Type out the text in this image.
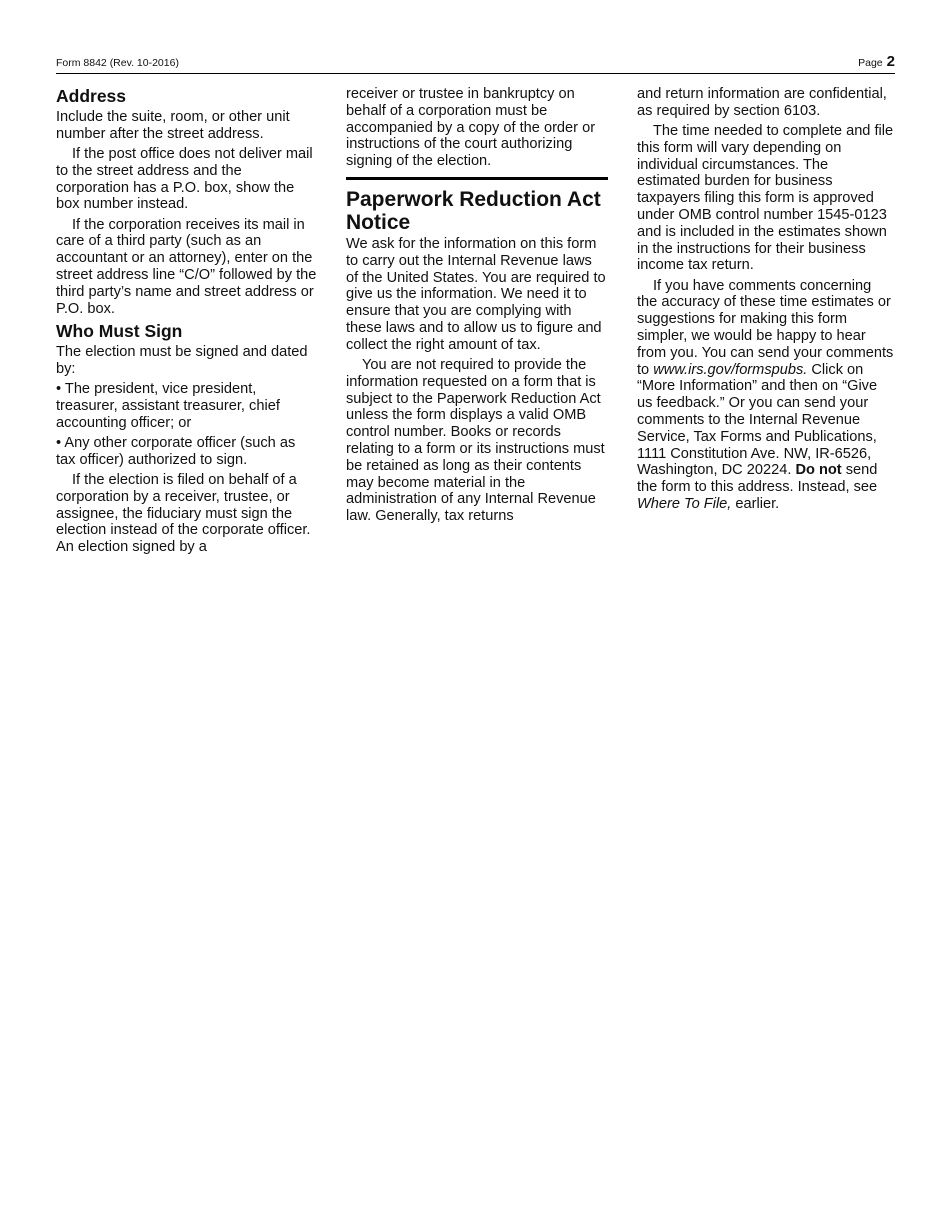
Form 8842 (Rev. 10-2016)	Page 2
Address

Include the suite, room, or other unit number after the street address.

If the post office does not deliver mail to the street address and the corporation has a P.O. box, show the box number instead.

If the corporation receives its mail in care of a third party (such as an accountant or an attorney), enter on the street address line “C/O” followed by the third party’s name and street address or P.O. box.

Who Must Sign

The election must be signed and dated by:

• The president, vice president, treasurer, assistant treasurer, chief accounting officer; or

• Any other corporate officer (such as tax officer) authorized to sign.

If the election is filed on behalf of a corporation by a receiver, trustee, or assignee, the fiduciary must sign the election instead of the corporate officer. An election signed by a

receiver or trustee in bankruptcy on behalf of a corporation must be accompanied by a copy of the order or instructions of the court authorizing signing of the election.

Paperwork Reduction Act Notice

We ask for the information on this form to carry out the Internal Revenue laws of the United States. You are required to give us the information. We need it to ensure that you are complying with these laws and to allow us to figure and collect the right amount of tax.

You are not required to provide the information requested on a form that is subject to the Paperwork Reduction Act unless the form displays a valid OMB control number. Books or records relating to a form or its instructions must be retained as long as their contents may become material in the administration of any Internal Revenue law. Generally, tax returns

and return information are confidential, as required by section 6103.

The time needed to complete and file this form will vary depending on individual circumstances. The estimated burden for business taxpayers filing this form is approved under OMB control number 1545-0123 and is included in the estimates shown in the instructions for their business income tax return.

If you have comments concerning the accuracy of these time estimates or suggestions for making this form simpler, we would be happy to hear from you. You can send your comments to www.irs.gov/formspubs. Click on “More Information” and then on “Give us feedback.” Or you can send your comments to the Internal Revenue Service, Tax Forms and Publications, 1111 Constitution Ave. NW, IR-6526, Washington, DC 20224. Do not send the form to this address. Instead, see Where To File, earlier.
